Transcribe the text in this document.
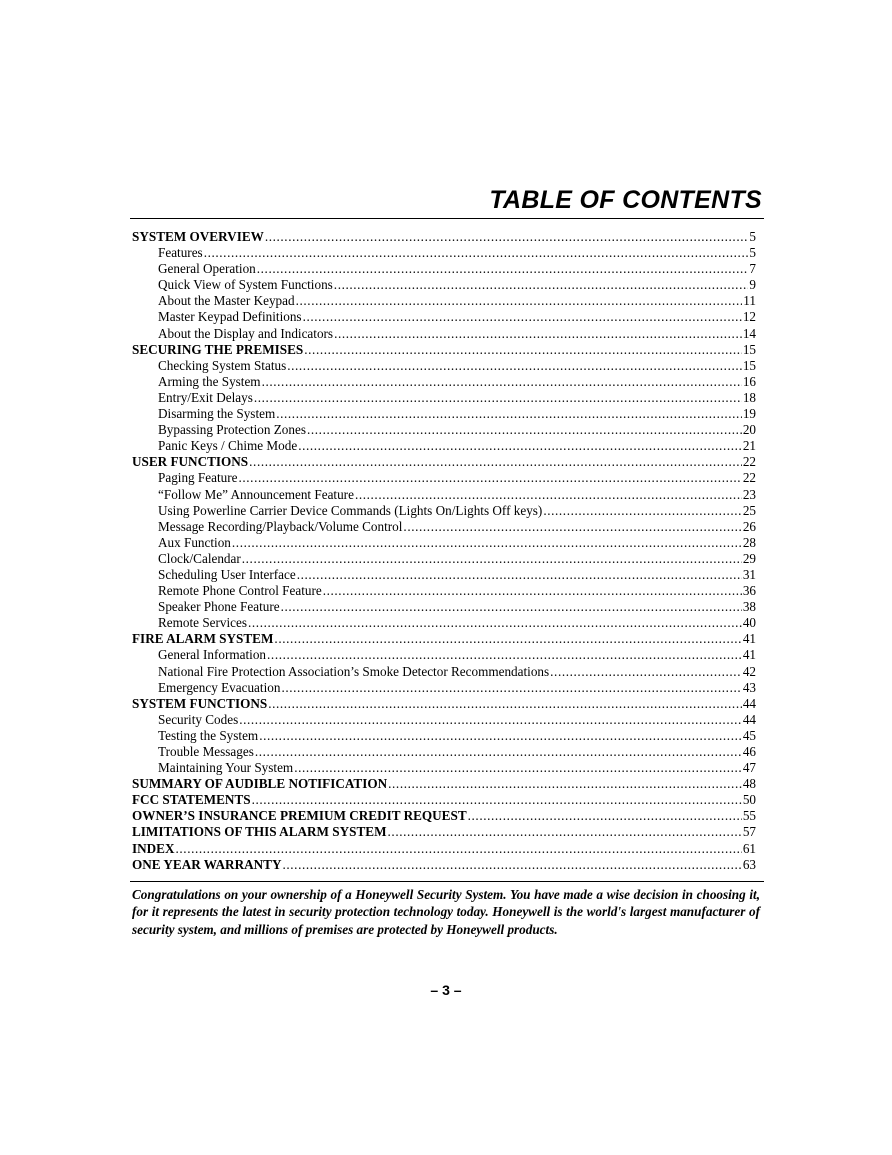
TABLE OF CONTENTS
SYSTEM OVERVIEW .....	5
Features .....	5
General Operation .....	7
Quick View of System Functions .....	9
About the Master Keypad .....	11
Master Keypad Definitions .....	12
About the Display and Indicators .....	14
SECURING THE PREMISES .....	15
Checking System Status .....	15
Arming the System .....	16
Entry/Exit Delays .....	18
Disarming the System .....	19
Bypassing Protection Zones .....	20
Panic Keys / Chime Mode .....	21
USER FUNCTIONS .....	22
Paging Feature .....	22
“Follow Me” Announcement Feature .....	23
Using Powerline Carrier Device Commands (Lights On/Lights Off keys) .....	25
Message Recording/Playback/Volume Control .....	26
Aux Function .....	28
Clock/Calendar .....	29
Scheduling User Interface .....	31
Remote Phone Control Feature .....	36
Speaker Phone Feature .....	38
Remote Services .....	40
FIRE ALARM SYSTEM .....	41
General Information .....	41
National Fire Protection Association’s Smoke Detector Recommendations .....	42
Emergency Evacuation .....	43
SYSTEM FUNCTIONS .....	44
Security Codes .....	44
Testing the System .....	45
Trouble Messages .....	46
Maintaining Your System .....	47
SUMMARY OF AUDIBLE NOTIFICATION .....	48
FCC STATEMENTS .....	50
OWNER’S INSURANCE PREMIUM CREDIT REQUEST .....	55
LIMITATIONS OF THIS ALARM SYSTEM .....	57
INDEX .....	61
ONE YEAR WARRANTY .....	63
Congratulations on your ownership of a Honeywell Security System. You have made a wise decision in choosing it, for it represents the latest in security protection technology today. Honeywell is the world's largest manufacturer of security system, and millions of premises are protected by Honeywell products.
– 3 –
